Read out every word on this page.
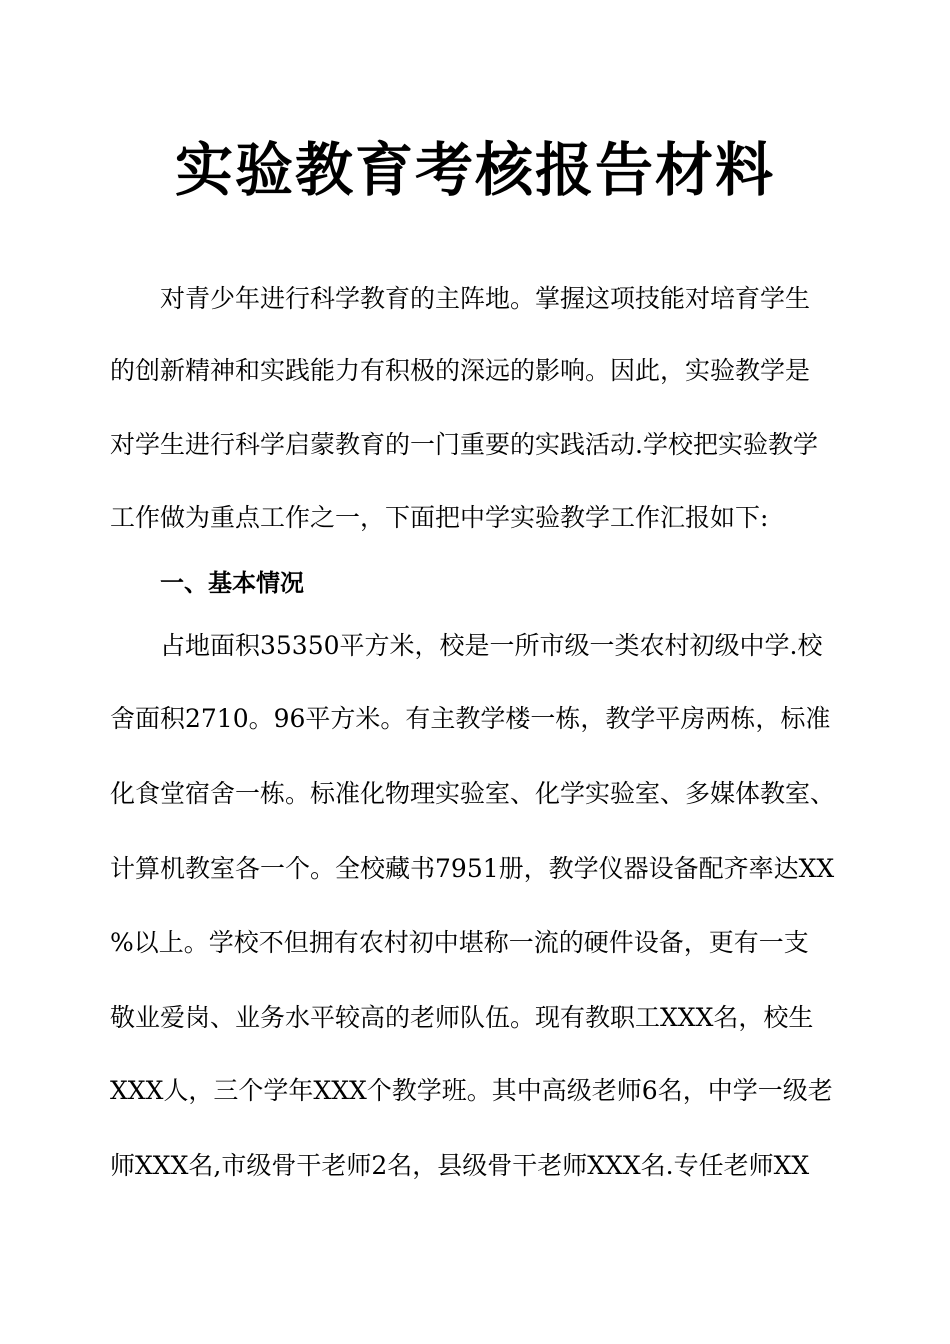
实验教育考核报告材料

对青少年进行科学教育的主阵地。掌握这项技能对培育学生

的创新精神和实践能力有积极的深远的影响。因此，实验教学是

对学生进行科学启蒙教育的一门重要的实践活动.学校把实验教学

工作做为重点工作之一，下面把中学实验教学工作汇报如下:

一、基本情况

占地面积35350平方米，校是一所市级一类农村初级中学.校

舍面积2710。96平方米。有主教学楼一栋，教学平房两栋，标准

化食堂宿舍一栋。标准化物理实验室、化学实验室、多媒体教室、

计算机教室各一个。全校藏书7951册，教学仪器设备配齐率达XX

%以上。学校不但拥有农村初中堪称一流的硬件设备，更有一支

敬业爱岗、业务水平较高的老师队伍。现有教职工XXX名，校生

XXX人，三个学年XXX个教学班。其中高级老师6名，中学一级老

师XXX名,市级骨干老师2名，县级骨干老师XXX名.专任老师XX
